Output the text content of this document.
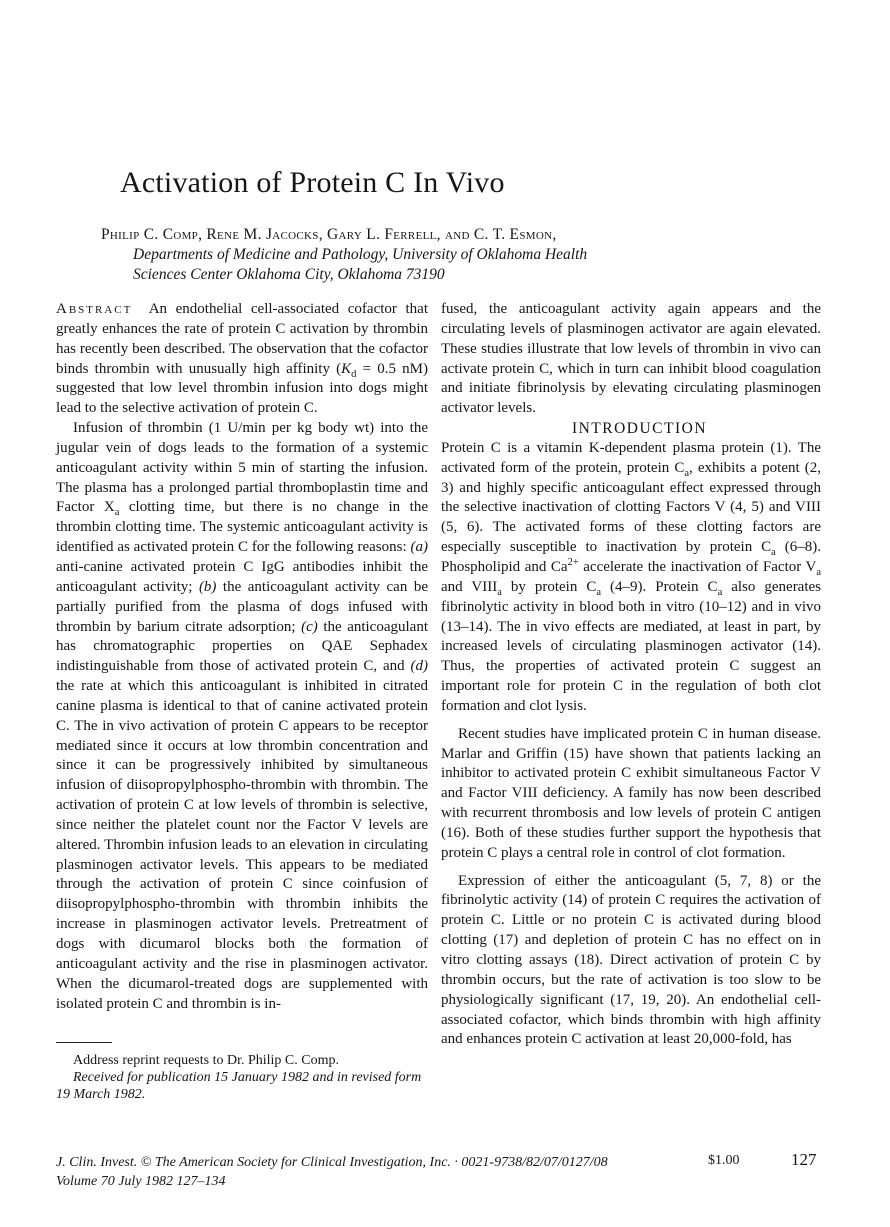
Activation of Protein C In Vivo
Philip C. Comp, Rene M. Jacocks, Gary L. Ferrell, and C. T. Esmon,
Departments of Medicine and Pathology, University of Oklahoma Health
Sciences Center Oklahoma City, Oklahoma 73190

Abstract An endothelial cell-associated cofactor that greatly enhances the rate of protein C activation by thrombin has recently been described. The observation that the cofactor binds thrombin with unusually high affinity ($K_d = 0.5$ nM) suggested that low level thrombin infusion into dogs might lead to the selective activation of protein C.

Infusion of thrombin (1 U/min per kg body wt) into the jugular vein of dogs leads to the formation of a systemic anticoagulant activity within 5 min of starting the infusion. The plasma has a prolonged partial thromboplastin time and Factor $X_a$ clotting time, but there is no change in the thrombin clotting time. The systemic anticoagulant activity is identified as activated protein C for the following reasons: (a) anti-canine activated protein C IgG antibodies inhibit the anticoagulant activity; (b) the anticoagulant activity can be partially purified from the plasma of dogs infused with thrombin by barium citrate adsorption; (c) the anticoagulant has chromatographic properties on QAE Sephadex indistinguishable from those of activated protein C, and (d) the rate at which this anticoagulant is inhibited in citrated canine plasma is identical to that of canine activated protein C. The in vivo activation of protein C appears to be receptor mediated since it occurs at low thrombin concentration and since it can be progressively inhibited by simultaneous infusion of diisopropylphospho-thrombin with thrombin. The activation of protein C at low levels of thrombin is selective, since neither the platelet count nor the Factor V levels are altered. Thrombin infusion leads to an elevation in circulating plasminogen activator levels. This appears to be mediated through the activation of protein C since coinfusion of diisopropylphospho-thrombin with thrombin inhibits the increase in plasminogen activator levels. Pretreatment of dogs with dicumarol blocks both the formation of anticoagulant activity and the rise in plasminogen activator. When the dicumarol-treated dogs are supplemented with isolated protein C and thrombin is in-

fused, the anticoagulant activity again appears and the circulating levels of plasminogen activator are again elevated. These studies illustrate that low levels of thrombin in vivo can activate protein C, which in turn can inhibit blood coagulation and initiate fibrinolysis by elevating circulating plasminogen activator levels.

INTRODUCTION

Protein C is a vitamin K-dependent plasma protein (1). The activated form of the protein, protein $C_a$, exhibits a potent (2, 3) and highly specific anticoagulant effect expressed through the selective inactivation of clotting Factors V (4, 5) and VIII (5, 6). The activated forms of these clotting factors are especially susceptible to inactivation by protein $C_a$ (6–8). Phospholipid and $Ca^{2+}$ accelerate the inactivation of Factor $V_a$ and $VIII_a$ by protein $C_a$ (4–9). Protein $C_a$ also generates fibrinolytic activity in blood both in vitro (10–12) and in vivo (13–14). The in vivo effects are mediated, at least in part, by increased levels of circulating plasminogen activator (14). Thus, the properties of activated protein C suggest an important role for protein C in the regulation of both clot formation and clot lysis.

Recent studies have implicated protein C in human disease. Marlar and Griffin (15) have shown that patients lacking an inhibitor to activated protein C exhibit simultaneous Factor V and Factor VIII deficiency. A family has now been described with recurrent thrombosis and low levels of protein C antigen (16). Both of these studies further support the hypothesis that protein C plays a central role in control of clot formation.

Expression of either the anticoagulant (5, 7, 8) or the fibrinolytic activity (14) of protein C requires the activation of protein C. Little or no protein C is activated during blood clotting (17) and depletion of protein C has no effect on in vitro clotting assays (18). Direct activation of protein C by thrombin occurs, but the rate of activation is too slow to be physiologically significant (17, 19, 20). An endothelial cell-associated cofactor, which binds thrombin with high affinity and enhances protein C activation at least 20,000-fold, has

Address reprint requests to Dr. Philip C. Comp.
Received for publication 15 January 1982 and in revised form 19 March 1982.
J. Clin. Invest. © The American Society for Clinical Investigation, Inc. · 0021-9738/82/07/0127/08
Volume 70 July 1982 127–134
$1.00	127
